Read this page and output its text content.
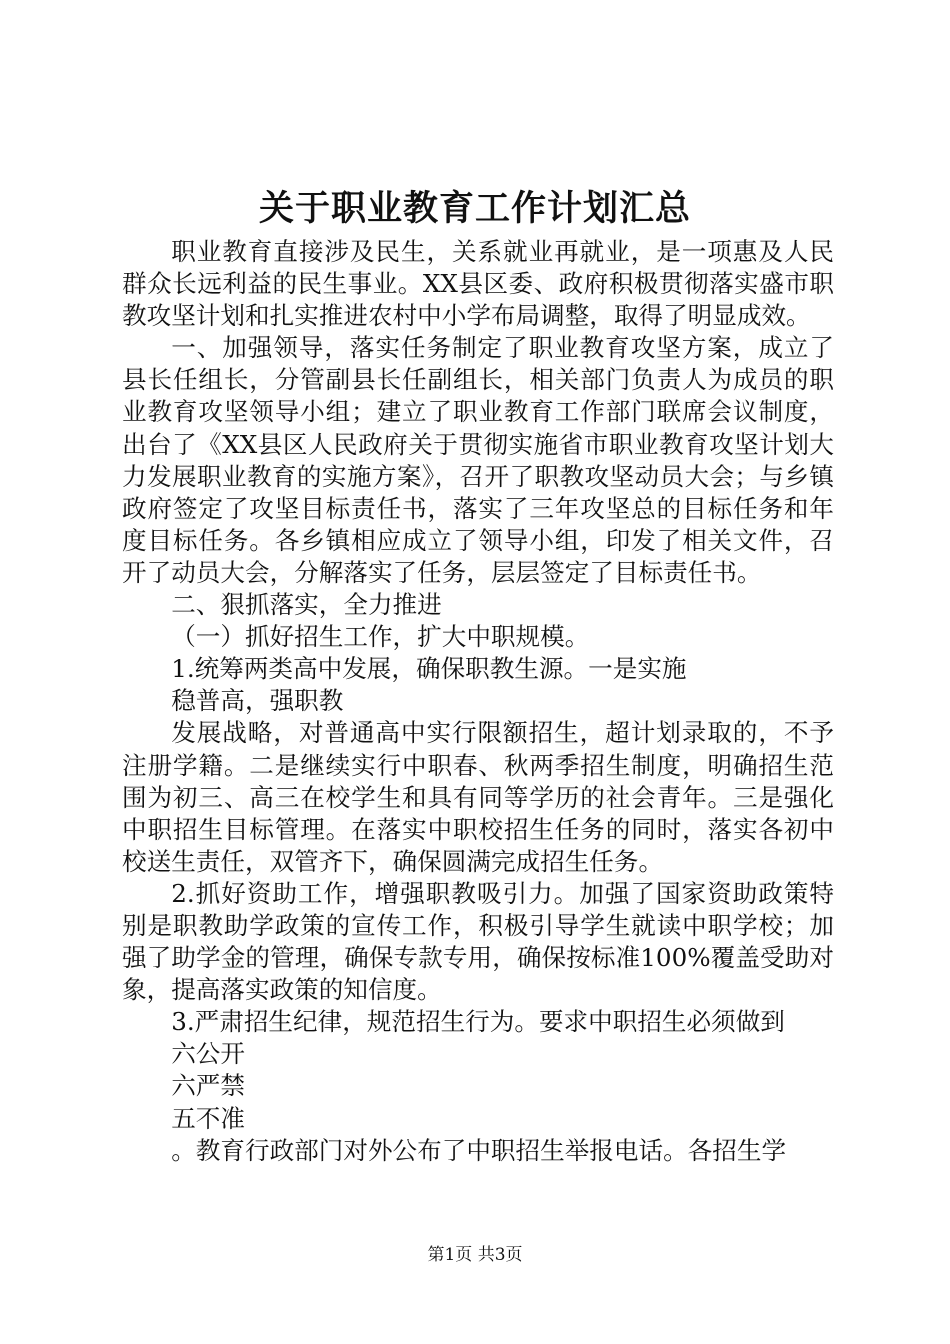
关于职业教育工作计划汇总

职业教育直接涉及民生，关系就业再就业，是一项惠及人民群众长远利益的民生事业。XX县区委、政府积极贯彻落实盛市职教攻坚计划和扎实推进农村中小学布局调整，取得了明显成效。

一、加强领导，落实任务制定了职业教育攻坚方案，成立了县长任组长，分管副县长任副组长，相关部门负责人为成员的职业教育攻坚领导小组；建立了职业教育工作部门联席会议制度，出台了《XX县区人民政府关于贯彻实施省市职业教育攻坚计划大力发展职业教育的实施方案》，召开了职教攻坚动员大会；与乡镇政府签定了攻坚目标责任书，落实了三年攻坚总的目标任务和年度目标任务。各乡镇相应成立了领导小组，印发了相关文件，召开了动员大会，分解落实了任务，层层签定了目标责任书。

二、狠抓落实，全力推进

（一）抓好招生工作，扩大中职规模。

1.统筹两类高中发展，确保职教生源。一是实施

稳普高，强职教

发展战略，对普通高中实行限额招生，超计划录取的，不予注册学籍。二是继续实行中职春、秋两季招生制度，明确招生范围为初三、高三在校学生和具有同等学历的社会青年。三是强化中职招生目标管理。在落实中职校招生任务的同时，落实各初中校送生责任，双管齐下，确保圆满完成招生任务。

2.抓好资助工作，增强职教吸引力。加强了国家资助政策特别是职教助学政策的宣传工作，积极引导学生就读中职学校；加强了助学金的管理，确保专款专用，确保按标准100%覆盖受助对象，提高落实政策的知信度。

3.严肃招生纪律，规范招生行为。要求中职招生必须做到

六公开

六严禁

五不准

。教育行政部门对外公布了中职招生举报电话。各招生学

第1页 共3页
